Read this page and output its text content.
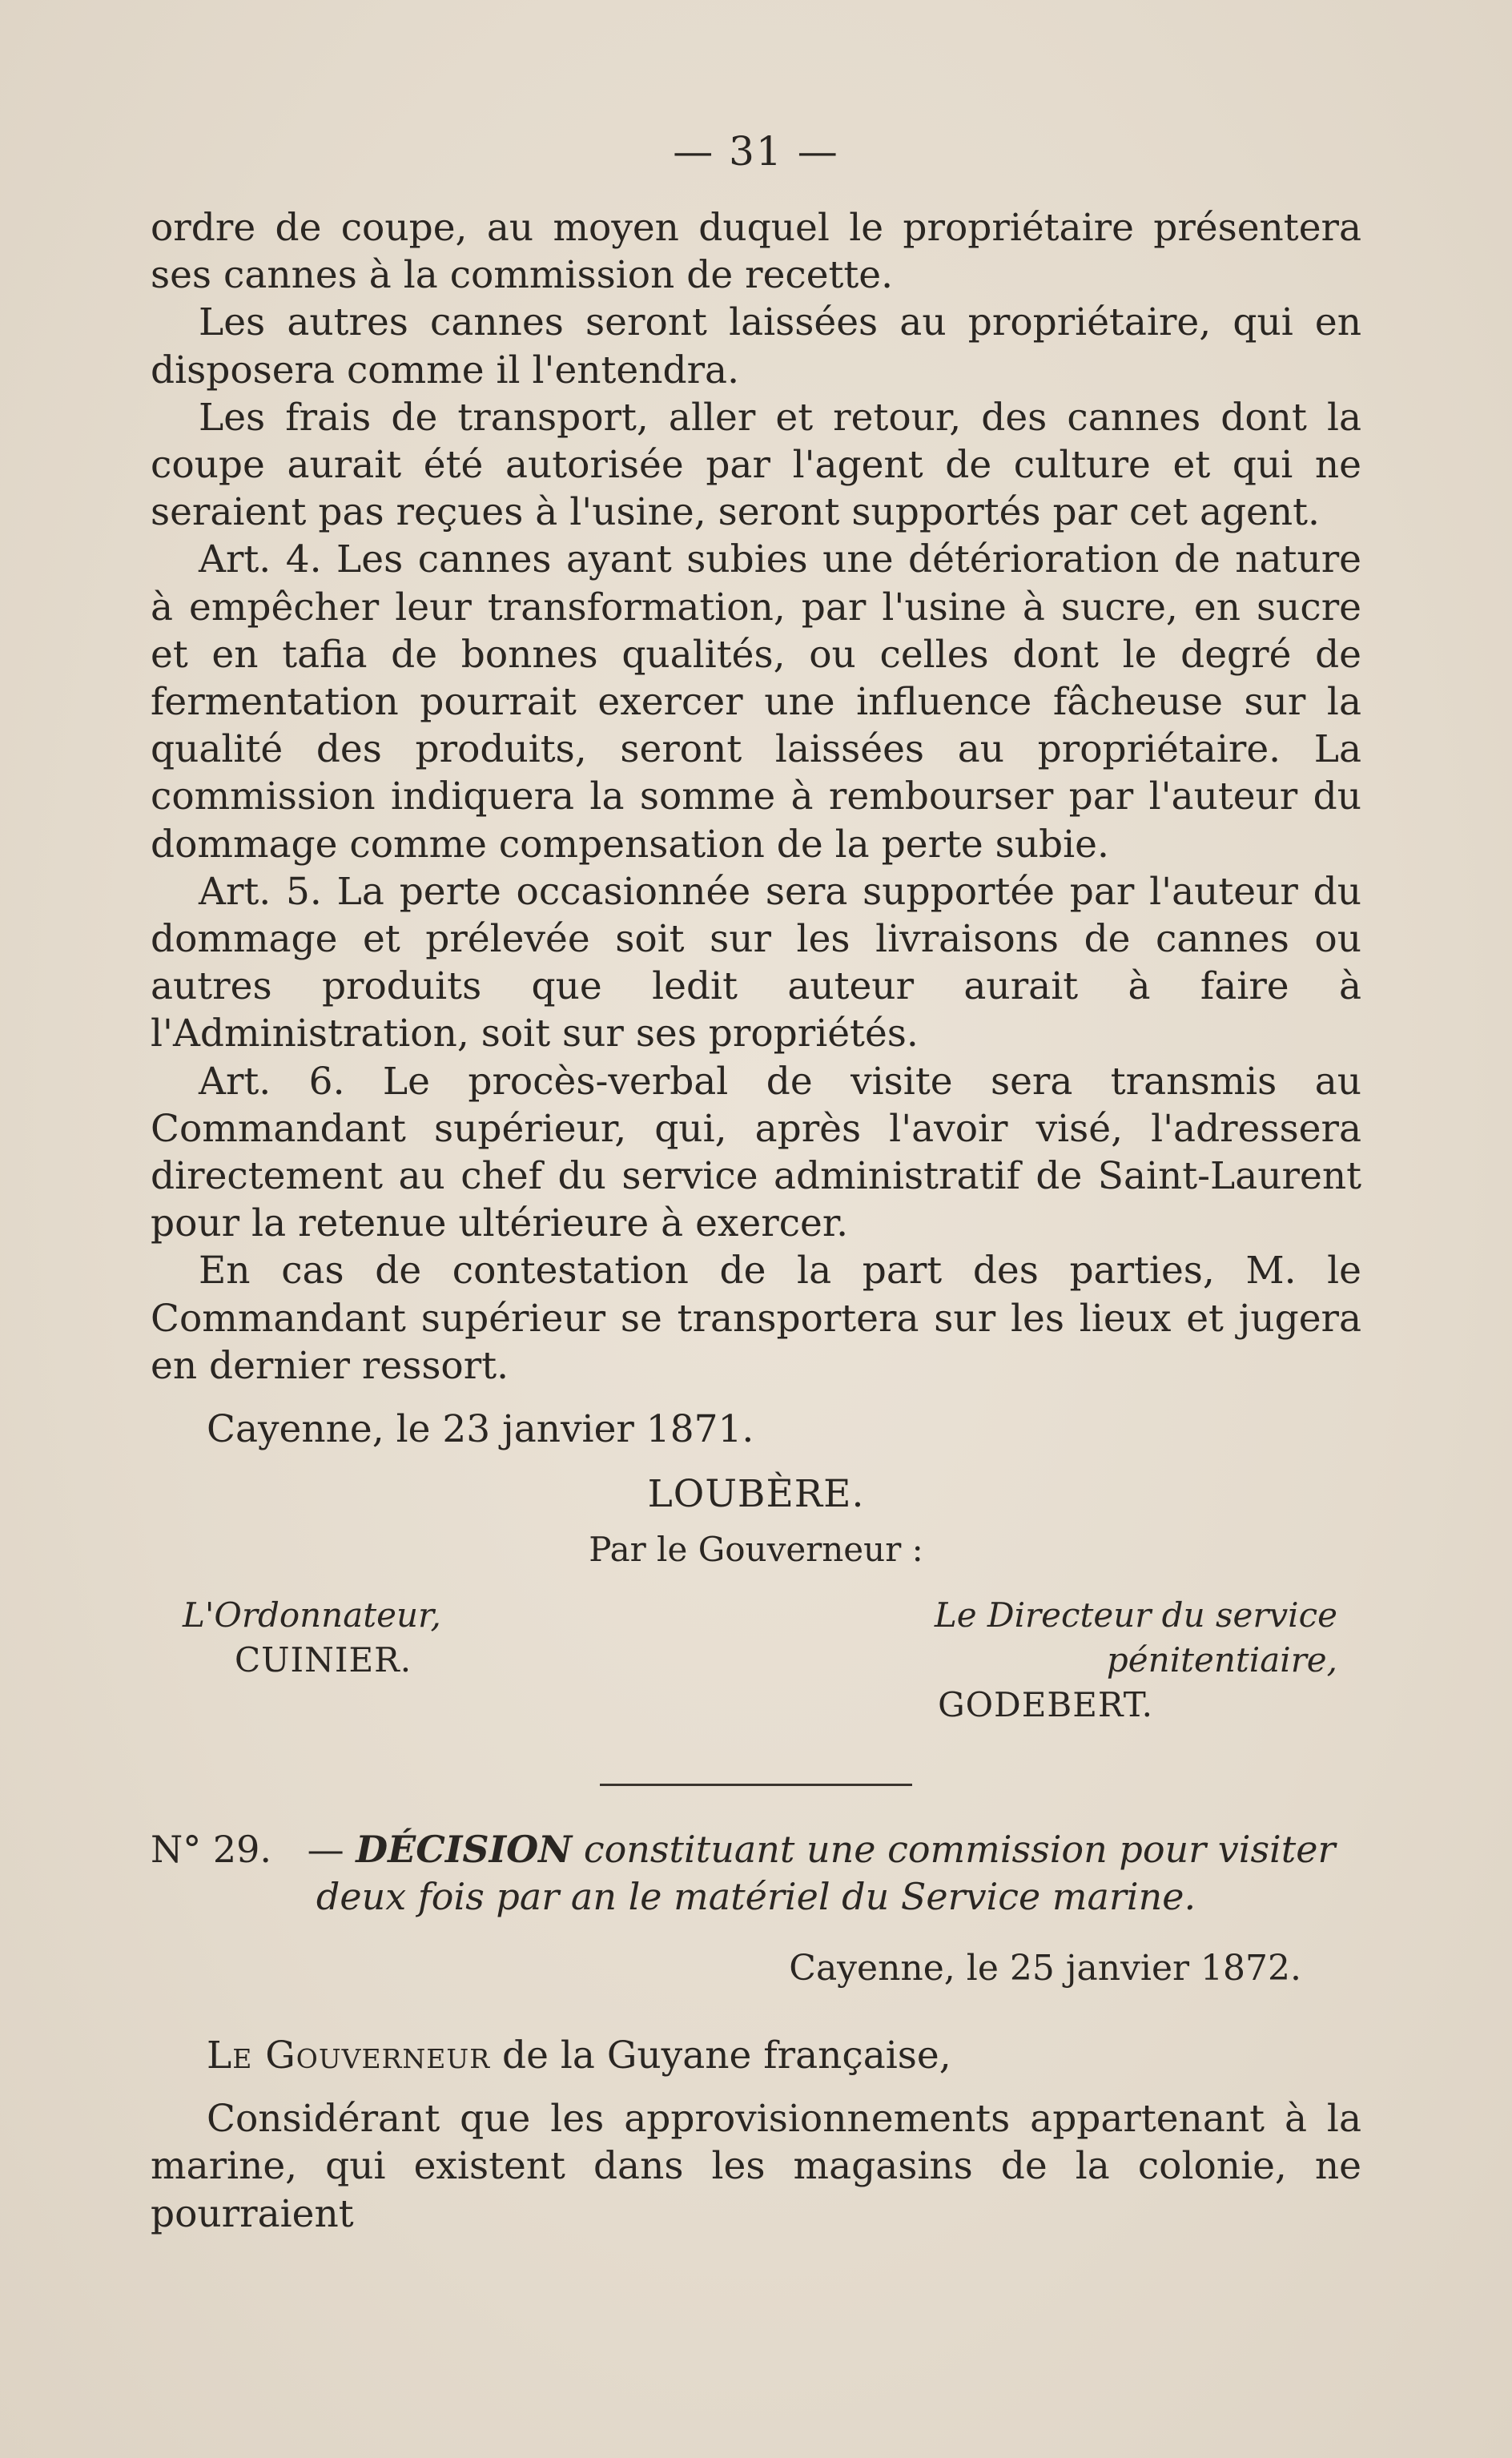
— 31 —

ordre de coupe, au moyen duquel le propriétaire présentera ses cannes à la commission de recette.

Les autres cannes seront laissées au propriétaire, qui en disposera comme il l'entendra.

Les frais de transport, aller et retour, des cannes dont la coupe aurait été autorisée par l'agent de culture et qui ne seraient pas reçues à l'usine, seront supportés par cet agent.

Art. 4. Les cannes ayant subies une détérioration de nature à empêcher leur transformation, par l'usine à sucre, en sucre et en tafia de bonnes qualités, ou celles dont le degré de fermentation pourrait exercer une influence fâcheuse sur la qualité des produits, seront laissées au propriétaire. La commission indiquera la somme à rembourser par l'auteur du dommage comme compensation de la perte subie.

Art. 5. La perte occasionnée sera supportée par l'auteur du dommage et prélevée soit sur les livraisons de cannes ou autres produits que ledit auteur aurait à faire à l'Administration, soit sur ses propriétés.

Art. 6. Le procès-verbal de visite sera transmis au Commandant supérieur, qui, après l'avoir visé, l'adressera directement au chef du service administratif de Saint-Laurent pour la retenue ultérieure à exercer.

En cas de contestation de la part des parties, M. le Commandant supérieur se transportera sur les lieux et jugera en dernier ressort.

Cayenne, le 23 janvier 1871.

LOUBÈRE.

Par le Gouverneur :

L'Ordonnateur,
CUINIER.
Le Directeur du service pénitentiaire,
GODEBERT.

N° 29. — DÉCISION constituant une commission pour visiter
deux fois par an le matériel du Service marine.

Cayenne, le 25 janvier 1872.

Le Gouverneur de la Guyane française,

Considérant que les approvisionnements appartenant à la marine, qui existent dans les magasins de la colonie, ne pourraient
